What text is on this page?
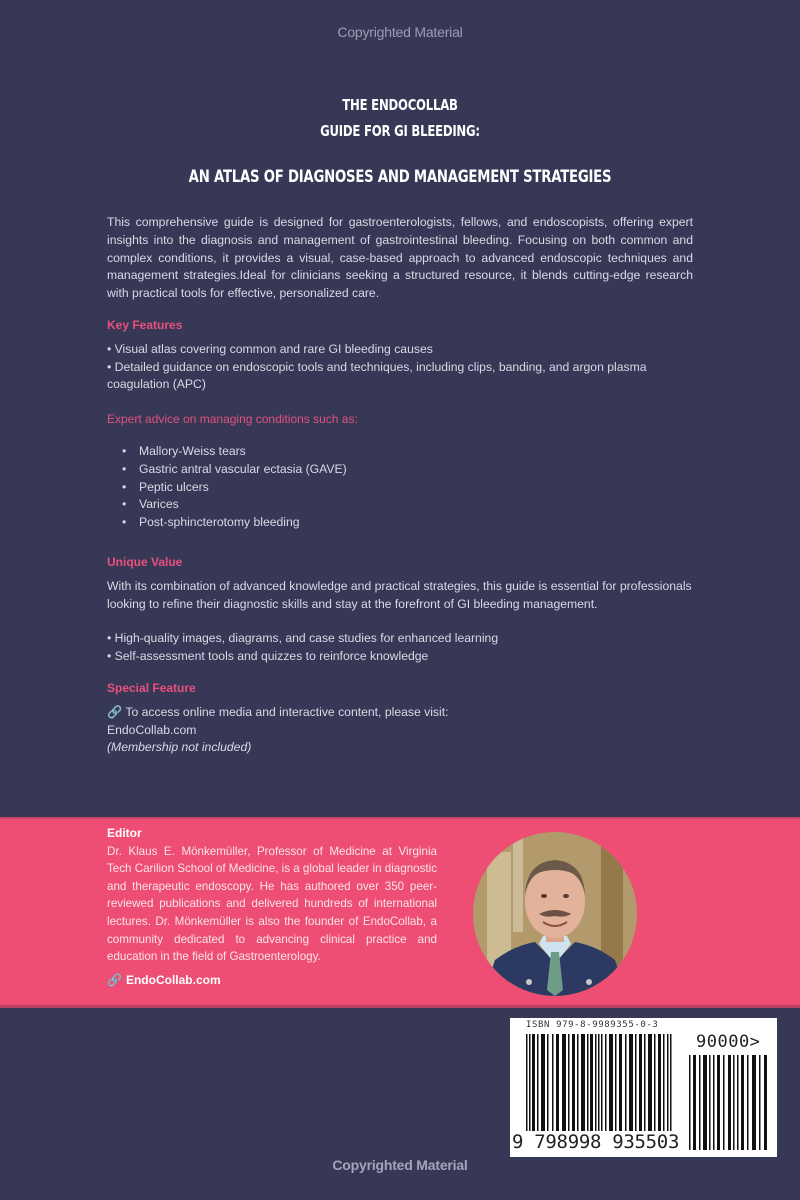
Copyrighted Material
THE ENDOCOLLAB
GUIDE FOR GI BLEEDING:
AN ATLAS OF DIAGNOSES AND MANAGEMENT STRATEGIES

This comprehensive guide is designed for gastroenterologists, fellows, and endoscopists, offering expert insights into the diagnosis and management of gastrointestinal bleeding. Focusing on both common and complex conditions, it provides a visual, case-based approach to advanced endoscopic techniques and management strategies.Ideal for clinicians seeking a structured resource, it blends cutting-edge research with practical tools for effective, personalized care.

Key Features
• Visual atlas covering common and rare GI bleeding causes
• Detailed guidance on endoscopic tools and techniques, including clips, banding, and argon plasma coagulation (APC)
Expert advice on managing conditions such as:
•	Mallory-Weiss tears
•	Gastric antral vascular ectasia (GAVE)
•	Peptic ulcers
•	Varices
•	Post-sphincterotomy bleeding
Unique Value

With its combination of advanced knowledge and practical strategies, this guide is essential for professionals looking to refine their diagnostic skills and stay at the forefront of GI bleeding management.

• High-quality images, diagrams, and case studies for enhanced learning
• Self-assessment tools and quizzes to reinforce knowledge
Special Feature
🔗 To access online media and interactive content, please visit:
EndoCollab.com
(Membership not included)
Editor

Dr. Klaus E. Mönkemüller, Professor of Medicine at Virginia Tech Carilion School of Medicine, is a global leader in diagnostic and therapeutic endoscopy. He has authored over 350 peer-reviewed publications and delivered hundreds of international lectures. Dr. Mönkemüller is also the founder of EndoCollab, a community dedicated to advancing clinical practice and education in the field of Gastroenterology.

🔗 EndoCollab.com
ISBN 979-8-9989355-0-3
90000>
9 798998 935503
Copyrighted Material
